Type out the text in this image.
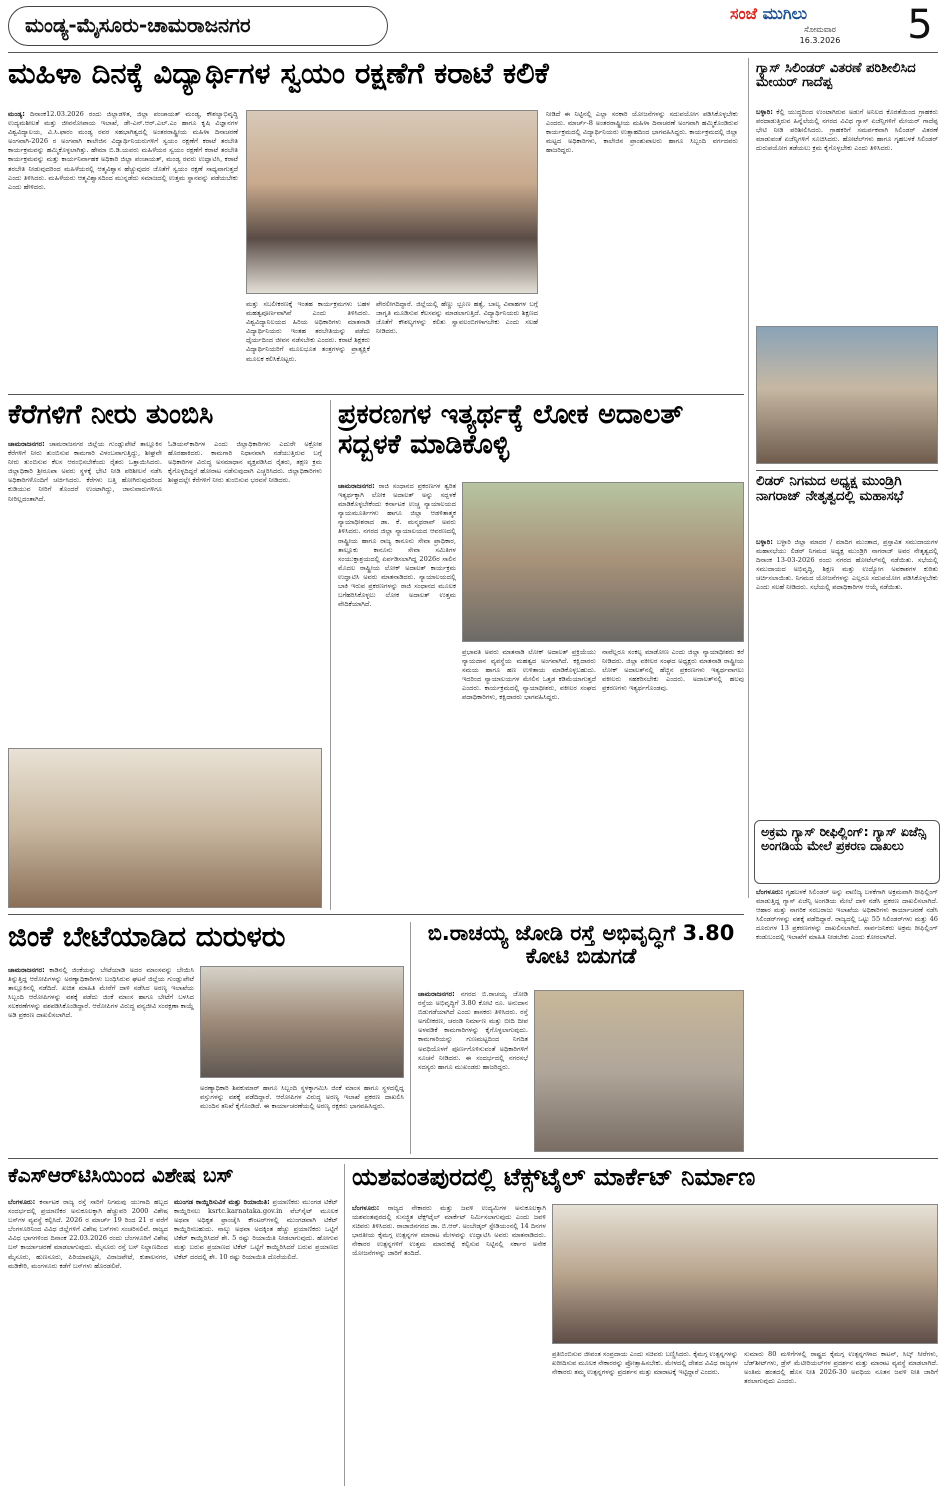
ಮಂಡ್ಯ-ಮೈಸೂರು-ಚಾಮರಾಜನಗರ	ಸಂಜೆ ಮುಗಿಲು
ಸೋಮವಾರ
16.3.2026	5
ಮಹಿಳಾ ದಿನಕ್ಕೆ ವಿದ್ಯಾರ್ಥಿಗಳ ಸ್ವಯಂ ರಕ್ಷಣೆಗೆ ಕರಾಟೆ ಕಲಿಕೆ
ಮಂಡ್ಯ: ದಿನಾಂಕ12.03.2026 ರಂದು ಜಿಲ್ಲಾಡಳಿತ, ಜಿಲ್ಲಾ ಪಂಚಾಯತ್ ಮಂಡ್ಯ, ಕೌಶಲ್ಯಾಭಿವೃದ್ಧಿ ಉದ್ಯಮಶೀಲತೆ ಮತ್ತು ಜೀವನೋಪಾಯ ಇಲಾಖೆ, ಡೇ-ಎನ್.ಆರ್.ಎಲ್.ಎಂ ಹಾಗೂ ಕೃಷಿ ವಿಜ್ಞಾನಗಳ ವಿಶ್ವವಿದ್ಯಾಲಯ, ವಿ.ಸಿ.ಫಾರಂ ಮಂಡ್ಯ ರವರ ಸಹಭಾಗಿತ್ವದಲ್ಲಿ ಅಂತರರಾಷ್ಟ್ರೀಯ ಮಹಿಳಾ ದಿನಾಚರಣೆ ಅಂಗವಾಗಿ-2026 ರ ಅಂಗವಾಗಿ ಕಾಲೇಜಿನ ವಿದ್ಯಾರ್ಥಿನಿಯರುಗಳಿಗೆ ಸ್ವಯಂ ರಕ್ಷಣೆಗೆ ಕರಾಟೆ ತರಬೇತಿ ಕಾರ್ಯಕ್ರಮವನ್ನು ಹಮ್ಮಿಕೊಳ್ಳಲಾಗಿತ್ತು. ಹೇಮಾ ಬಿ.ಡಿ.ಯವರು ಮಹಿಳೆಯರ ಸ್ವಯಂ ರಕ್ಷಣೆಗೆ ಕರಾಟೆ ತರಬೇತಿ ಕಾರ್ಯಕ್ರಮವನ್ನು ಮತ್ತು ಕಾರ್ಯನಿರ್ವಾಹಕ ಅಧಿಕಾರಿ ಜಿಲ್ಲಾ ಪಂಚಾಯತ್, ಮಂಡ್ಯ ರವರು ಉದ್ಘಾಟಿಸಿ, ಕರಾಟೆ ತರಬೇತಿ ನೀಡುವುದರಿಂದ ಮಹಿಳೆಯರಲ್ಲಿ ಆತ್ಮವಿಶ್ವಾಸ ಹೆಚ್ಚುವುದರ ಜೊತೆಗೆ ಸ್ವಯಂ ರಕ್ಷಣೆ ಸಾಧ್ಯವಾಗುತ್ತದೆ ಎಂದು ತಿಳಿಸಿದರು. ಮಹಿಳೆಯರು ಆತ್ಮವಿಶ್ವಾಸದಿಂದ ಮುನ್ನಡೆದು ಸಮಾಜದಲ್ಲಿ ಉತ್ತಮ ಸ್ಥಾನವನ್ನು ಪಡೆಯಬೇಕು ಎಂದು ಹೇಳಿದರು.
ಮತ್ತು ಸಬಲೀಕರಣಕ್ಕೆ ಇಂತಹ ಕಾರ್ಯಕ್ರಮಗಳು ಬಹಳ ಮಹತ್ವಪೂರ್ಣವಾಗಿವೆ ಎಂದು ತಿಳಿಸಿದರು. ವಿಶ್ವವಿದ್ಯಾನಿಲಯದ ಹಿರಿಯ ಅಧಿಕಾರಿಗಳು ಮಾತನಾಡಿ ವಿದ್ಯಾರ್ಥಿನಿಯರು ಇಂತಹ ತರಬೇತಿಯನ್ನು ಪಡೆದು ಧೈರ್ಯದಿಂದ ಜೀವನ ನಡೆಸಬೇಕು ಎಂದರು. ಕರಾಟೆ ಶಿಕ್ಷಕರು ವಿದ್ಯಾರ್ಥಿನಿಯರಿಗೆ ಮೂಲಭೂತ ತಂತ್ರಗಳನ್ನು ಪ್ರಾತ್ಯಕ್ಷಿಕೆ ಮೂಲಕ ಕಲಿಸಿಕೊಟ್ಟರು.
ಪೇರಲೀಗದಿದ್ದಾರೆ. ಜಿಲ್ಲೆಯಲ್ಲಿ ಹೆಣ್ಣು ಭ್ರೂಣ ಹತ್ಯೆ, ಬಾಲ್ಯ ವಿವಾಹಗಳ ಬಗ್ಗೆ ಜಾಗೃತಿ ಮೂಡಿಸುವ ಕೆಲಸವನ್ನು ಮಾಡಲಾಗುತ್ತಿದೆ. ವಿದ್ಯಾರ್ಥಿನಿಯರು ಶಿಕ್ಷಣದ ಜೊತೆಗೆ ಕೌಶಲ್ಯಗಳನ್ನು ಕಲಿತು ಸ್ವಾವಲಂಬಿಗಳಾಗಬೇಕು ಎಂದು ಸಲಹೆ ನೀಡಿದರು.
ನೀಡಿದೆ ಈ ನಿಟ್ಟಿನಲ್ಲಿ ಎಲ್ಲಾ ಸರಕಾರಿ ಯೋಜನೆಗಳನ್ನು ಸದುಪಯೋಗ ಪಡಿಸಿಕೊಳ್ಳಬೇಕು ಎಂದರು. ಮಾರ್ಚ್-8 ಅಂತರರಾಷ್ಟ್ರೀಯ ಮಹಿಳಾ ದಿನಾಚರಣೆ ಅಂಗವಾಗಿ ಹಮ್ಮಿಕೊಂಡಿರುವ ಕಾರ್ಯಕ್ರಮದಲ್ಲಿ ವಿದ್ಯಾರ್ಥಿನಿಯರು ಉತ್ಸಾಹದಿಂದ ಭಾಗವಹಿಸಿದ್ದರು. ಕಾರ್ಯಕ್ರಮದಲ್ಲಿ ಜಿಲ್ಲಾ ಮಟ್ಟದ ಅಧಿಕಾರಿಗಳು, ಕಾಲೇಜಿನ ಪ್ರಾಂಶುಪಾಲರು ಹಾಗೂ ಸಿಬ್ಬಂದಿ ವರ್ಗದವರು ಹಾಜರಿದ್ದರು.
ಗ್ಯಾಸ್ ಸಿಲಿಂಡರ್ ವಿತರಣೆ ಪರಿಶೀಲಿಸಿದ ಮೇಯರ್ ಗಾದೆಪ್ಪ
ಬಳ್ಳಾರಿ: ಕೆಲ್ಲಿ ಯುದ್ಧದಿಂದ ಉಂಟಾಗಿರುವ ಅಡುಗೆ ಅನಿಲದ ಕೊರತೆಯಿಂದ ಗ್ರಾಹಕರು ಪರದಾಡುತ್ತಿರುವ ಹಿನ್ನೆಲೆಯಲ್ಲಿ ನಗರದ ವಿವಿಧ ಗ್ಯಾಸ್ ಏಜೆನ್ಸಿಗಳಿಗೆ ಮೇಯರ್ ಗಾದೆಪ್ಪ ಭೇಟಿ ನೀಡಿ ಪರಿಶೀಲಿಸಿದರು. ಗ್ರಾಹಕರಿಗೆ ಸಮರ್ಪಕವಾಗಿ ಸಿಲಿಂಡರ್ ವಿತರಣೆ ಮಾಡುವಂತೆ ಏಜೆನ್ಸಿಗಳಿಗೆ ಸೂಚಿಸಿದರು. ಹೋಟೆಲ್‌ಗಳು ಹಾಗೂ ಗೃಹಬಳಕೆ ಸಿಲಿಂಡರ್ ದುರುಪಯೋಗ ತಡೆಯಲು ಕ್ರಮ ಕೈಗೊಳ್ಳಬೇಕು ಎಂದು ತಿಳಿಸಿದರು.
ಲಿಡರ್ ನಿಗಮದ ಅಧ್ಯಕ್ಷ ಮುಂಡ್ರಿಗಿ ನಾಗರಾಜ್ ನೇತೃತ್ವದಲ್ಲಿ ಮಹಾಸಭೆ
ಬಳ್ಳಾರಿ: ಬಳ್ಳಾರಿ ಜಿಲ್ಲಾ ಮಾದರ / ಮಾದಿಗ ಮುಂತಾದ, ಪ್ರಸ್ತಾವಿತ ಸಮುದಾಯಗಳ ಮಹಾಸಭೆಯು ಲಿಡರ್ ನಿಗಮದ ಅಧ್ಯಕ್ಷ ಮುಂಡ್ರಿಗಿ ನಾಗರಾಜ್ ಅವರ ನೇತೃತ್ವದಲ್ಲಿ ದಿನಾಂಕ 13-03-2026 ರಂದು ನಗರದ ಹೋಟೆಲ್‌ನಲ್ಲಿ ನಡೆಯಿತು. ಸಭೆಯಲ್ಲಿ ಸಮುದಾಯದ ಅಭಿವೃದ್ಧಿ, ಶಿಕ್ಷಣ ಮತ್ತು ಉದ್ಯೋಗ ಅವಕಾಶಗಳ ಕುರಿತು ಚರ್ಚಿಸಲಾಯಿತು. ನಿಗಮದ ಯೋಜನೆಗಳನ್ನು ಎಲ್ಲರೂ ಸದುಪಯೋಗ ಪಡಿಸಿಕೊಳ್ಳಬೇಕು ಎಂದು ಸಲಹೆ ನೀಡಿದರು. ಸಭೆಯಲ್ಲಿ ಪದಾಧಿಕಾರಿಗಳ ಆಯ್ಕೆ ನಡೆಯಿತು.
ಅಕ್ರಮ ಗ್ಯಾಸ್ ರೀಫಿಲ್ಲಿಂಗ್: ಗ್ಯಾಸ್ ಏಜೆನ್ಸಿ ಅಂಗಡಿಯ ಮೇಲೆ ಪ್ರಕರಣ ದಾಖಲು
ಬೆಂಗಳೂರು: ಗೃಹಬಳಕೆ ಸಿಲಿಂಡರ್ ಅನ್ನು ವಾಣಿಜ್ಯ ಬಳಕೆಗಾಗಿ ಅಕ್ರಮವಾಗಿ ರೀಫಿಲ್ಲಿಂಗ್ ಮಾಡುತ್ತಿದ್ದ ಗ್ಯಾಸ್ ಏಜೆನ್ಸಿ ಅಂಗಡಿಯ ಮೇಲೆ ದಾಳಿ ನಡೆಸಿ ಪ್ರಕರಣ ದಾಖಲಿಸಲಾಗಿದೆ. ಆಹಾರ ಮತ್ತು ನಾಗರಿಕ ಸರಬರಾಜು ಇಲಾಖೆಯ ಅಧಿಕಾರಿಗಳು ಕಾರ್ಯಾಚರಣೆ ನಡೆಸಿ ಸಿಲಿಂಡರ್‌ಗಳನ್ನು ವಶಕ್ಕೆ ಪಡೆದಿದ್ದಾರೆ. ರಾಜ್ಯದಲ್ಲಿ ಒಟ್ಟು 55 ಸಿಲಿಂಡರ್‌ಗಳು ಮತ್ತು 46 ದೂರುಗಳ 13 ಪ್ರಕರಣಗಳನ್ನು ದಾಖಲಿಸಲಾಗಿದೆ. ಸಾರ್ವಜನಿಕರು ಅಕ್ರಮ ರೀಫಿಲ್ಲಿಂಗ್ ಕಂಡುಬಂದಲ್ಲಿ ಇಲಾಖೆಗೆ ಮಾಹಿತಿ ನೀಡಬೇಕು ಎಂದು ಕೋರಲಾಗಿದೆ.
ಕೆರೆಗಳಿಗೆ ನೀರು ತುಂಬಿಸಿ
ಚಾಮರಾಜನಗರ: ಚಾಮರಾಜನಗರ ಜಿಲ್ಲೆಯ ಗುಂಡ್ಲುಪೇಟೆ ತಾಲ್ಲೂಕಿನ ಕೆರೆಗಳಿಗೆ ನೀರು ತುಂಬಿಸುವ ಕಾಮಗಾರಿ ವಿಳಂಬವಾಗುತ್ತಿದ್ದು, ಶೀಘ್ರವೇ ನೀರು ತುಂಬಿಸುವ ಕೆಲಸ ಆರಂಭಿಸಬೇಕೆಂದು ರೈತರು ಒತ್ತಾಯಿಸಿದರು. ಜಿಲ್ಲಾಧಿಕಾರಿ ಶ್ರೀರೂಪಾ ಅವರು ಸ್ಥಳಕ್ಕೆ ಭೇಟಿ ನೀಡಿ ಪರಿಶೀಲನೆ ನಡೆಸಿ ಅಧಿಕಾರಿಗಳೊಂದಿಗೆ ಚರ್ಚಿಸಿದರು. ಕೆರೆಗಳು ಬತ್ತಿ ಹೋಗಿರುವುದರಿಂದ ಕುಡಿಯುವ ನೀರಿಗೆ ತೊಂದರೆ ಉಂಟಾಗಿದ್ದು, ಜಾನುವಾರುಗಳಿಗೂ ನೀರಿಲ್ಲದಂತಾಗಿದೆ.
ಓಡಿಯನ್‌ಕಾರಿಗಳ ಎಂದು ಜಿಲ್ಲಾಧಿಕಾರಿಗಳು ಎದುರೇ ಅಕ್ರೋಶ ಹೊರಹಾಕಿದರು. ಕಾಮಗಾರಿ ನಿಧಾನವಾಗಿ ನಡೆಯುತ್ತಿರುವ ಬಗ್ಗೆ ಅಧಿಕಾರಿಗಳ ವಿರುದ್ಧ ಅಸಮಾಧಾನ ವ್ಯಕ್ತಪಡಿಸಿದ ರೈತರು, ತಕ್ಷಣ ಕ್ರಮ ಕೈಗೊಳ್ಳದಿದ್ದರೆ ಹೋರಾಟ ನಡೆಸುವುದಾಗಿ ಎಚ್ಚರಿಸಿದರು. ಜಿಲ್ಲಾಧಿಕಾರಿಗಳು ಶೀಘ್ರದಲ್ಲೇ ಕೆರೆಗಳಿಗೆ ನೀರು ತುಂಬಿಸುವ ಭರವಸೆ ನೀಡಿದರು.
ಪ್ರಕರಣಗಳ ಇತ್ಯರ್ಥಕ್ಕೆ ಲೋಕ ಅದಾಲತ್ ಸದ್ಬಳಕೆ ಮಾಡಿಕೊಳ್ಳಿ
ಚಾಮರಾಜನಗರ: ರಾಜಿ ಸಂಧಾನದ ಪ್ರಕರಣಗಳ ತ್ವರಿತ ಇತ್ಯರ್ಥಕ್ಕಾಗಿ ಲೋಕ ಅದಾಲತ್ ಅನ್ನು ಸದ್ಬಳಕೆ ಮಾಡಿಕೊಳ್ಳಬೇಕೆಂದು ಕರ್ನಾಟಕ ಉಚ್ಚ ನ್ಯಾಯಾಲಯದ ನ್ಯಾಯಮೂರ್ತಿಗಳು ಹಾಗೂ ಜಿಲ್ಲಾ ಆಡಳಿತಾತ್ಮಕ ನ್ಯಾಯಾಧೀಶರಾದ ಡಾ. ಕೆ. ಮನ್ಮಥರಾವ್ ಅವರು ತಿಳಿಸಿದರು. ನಗರದ ಜಿಲ್ಲಾ ನ್ಯಾಯಾಲಯದ ಆವರಣದಲ್ಲಿ ರಾಷ್ಟ್ರೀಯ ಹಾಗೂ ರಾಜ್ಯ ಕಾನೂನು ಸೇವಾ ಪ್ರಾಧಿಕಾರ, ತಾಲ್ಲೂಕು ಕಾನೂನು ಸೇವಾ ಸಮಿತಿಗಳ ಸಂಯುಕ್ತಾಶ್ರಯದಲ್ಲಿ ಏರ್ಪಡಿಸಲಾಗಿದ್ದ 2026ರ ಸಾಲಿನ ಮೊದಲ ರಾಷ್ಟ್ರೀಯ ಲೋಕ್ ಅದಾಲತ್ ಕಾರ್ಯಕ್ರಮ ಉದ್ಘಾಟಿಸಿ ಅವರು ಮಾತನಾಡಿದರು. ನ್ಯಾಯಾಲಯದಲ್ಲಿ ಬಾಕಿ ಇರುವ ಪ್ರಕರಣಗಳನ್ನು ರಾಜಿ ಸಂಧಾನದ ಮೂಲಕ ಬಗೆಹರಿಸಿಕೊಳ್ಳಲು ಲೋಕ ಅದಾಲತ್ ಉತ್ತಮ ವೇದಿಕೆಯಾಗಿದೆ.
ಪ್ರಭಾವತಿ ಅವರು ಮಾತನಾಡಿ ಲೋಕ್ ಅದಾಲತ್ ಪ್ರಕ್ರಿಯೆಯು ನ್ಯಾಯದಾನ ವ್ಯವಸ್ಥೆಯ ಮಹತ್ವದ ಅಂಗವಾಗಿದೆ. ಕಕ್ಷಿದಾರರು ಸಮಯ ಹಾಗೂ ಹಣ ಉಳಿತಾಯ ಮಾಡಿಕೊಳ್ಳಬಹುದು. ಇದರಿಂದ ನ್ಯಾಯಾಲಯಗಳ ಮೇಲಿನ ಒತ್ತಡ ಕಡಿಮೆಯಾಗುತ್ತದೆ ಎಂದರು. ಕಾರ್ಯಕ್ರಮದಲ್ಲಿ ನ್ಯಾಯಾಧೀಶರು, ವಕೀಲರ ಸಂಘದ ಪದಾಧಿಕಾರಿಗಳು, ಕಕ್ಷಿದಾರರು ಭಾಗವಹಿಸಿದ್ದರು.
ನಾವೆಲ್ಲರೂ ಸಂಕಲ್ಪ ಮಾಡೋಣ ಎಂದು ಜಿಲ್ಲಾ ನ್ಯಾಯಾಧೀಶರು ಕರೆ ನೀಡಿದರು. ಜಿಲ್ಲಾ ವಕೀಲರ ಸಂಘದ ಅಧ್ಯಕ್ಷರು ಮಾತನಾಡಿ ರಾಷ್ಟ್ರೀಯ ಲೋಕ್ ಅದಾಲತ್‌ನಲ್ಲಿ ಹೆಚ್ಚಿನ ಪ್ರಕರಣಗಳು ಇತ್ಯರ್ಥವಾಗಲು ವಕೀಲರು ಸಹಕರಿಸಬೇಕು ಎಂದರು. ಅದಾಲತ್‌ನಲ್ಲಿ ಹಲವು ಪ್ರಕರಣಗಳು ಇತ್ಯರ್ಥಗೊಂಡವು.
ಜಿಂಕೆ ಬೇಟೆಯಾಡಿದ ದುರುಳರು
ಚಾಮರಾಜನಗರ: ಕಾಡಿನಲ್ಲಿ ಜಿಂಕೆಯನ್ನು ಬೇಟೆಯಾಡಿ ಅದರ ಮಾಂಸವನ್ನು ಬೇಯಿಸಿ ತಿನ್ನುತ್ತಿದ್ದ ಆರೋಪಿಗಳನ್ನು ಅರಣ್ಯಾಧಿಕಾರಿಗಳು ಬಂಧಿಸಿರುವ ಘಟನೆ ಜಿಲ್ಲೆಯ ಗುಂಡ್ಲುಪೇಟೆ ತಾಲ್ಲೂಕಿನಲ್ಲಿ ನಡೆದಿದೆ. ಖಚಿತ ಮಾಹಿತಿ ಮೇರೆಗೆ ದಾಳಿ ನಡೆಸಿದ ಅರಣ್ಯ ಇಲಾಖೆಯ ಸಿಬ್ಬಂದಿ ಆರೋಪಿಗಳನ್ನು ವಶಕ್ಕೆ ಪಡೆದು ಜಿಂಕೆ ಮಾಂಸ ಹಾಗೂ ಬೇಟೆಗೆ ಬಳಸಿದ ಸಲಕರಣೆಗಳನ್ನು ವಶಪಡಿಸಿಕೊಂಡಿದ್ದಾರೆ. ಆರೋಪಿಗಳ ವಿರುದ್ಧ ವನ್ಯಜೀವಿ ಸಂರಕ್ಷಣಾ ಕಾಯ್ದೆ ಅಡಿ ಪ್ರಕರಣ ದಾಖಲಿಸಲಾಗಿದೆ.
ಅರಣ್ಯಾಧಿಕಾರಿ ಶಿವಕುಮಾರ್ ಹಾಗೂ ಸಿಬ್ಬಂದಿ ಸ್ಥಳಕ್ಕಾಗಮಿಸಿ ಜಿಂಕೆ ಮಾಂಸ ಹಾಗೂ ಸ್ಥಳದಲ್ಲಿದ್ದ ವಸ್ತುಗಳನ್ನು ವಶಕ್ಕೆ ಪಡೆದಿದ್ದಾರೆ. ಆರೋಪಿಗಳ ವಿರುದ್ಧ ಅರಣ್ಯ ಇಲಾಖೆ ಪ್ರಕರಣ ದಾಖಲಿಸಿ ಮುಂದಿನ ತನಿಖೆ ಕೈಗೊಂಡಿದೆ. ಈ ಕಾರ್ಯಾಚರಣೆಯಲ್ಲಿ ಅರಣ್ಯ ರಕ್ಷಕರು ಭಾಗವಹಿಸಿದ್ದರು.
ಬಿ.ರಾಚಯ್ಯ ಜೋಡಿ ರಸ್ತೆ ಅಭಿವೃದ್ಧಿಗೆ 3.80 ಕೋಟಿ ಬಿಡುಗಡೆ
ಚಾಮರಾಜನಗರ: ನಗರದ ಬಿ.ರಾಚಯ್ಯ ಜೋಡಿ ರಸ್ತೆಯ ಅಭಿವೃದ್ಧಿಗೆ 3.80 ಕೋಟಿ ರೂ. ಅನುದಾನ ಬಿಡುಗಡೆಯಾಗಿದೆ ಎಂದು ಶಾಸಕರು ತಿಳಿಸಿದರು. ರಸ್ತೆ ಅಗಲೀಕರಣ, ಚರಂಡಿ ನಿರ್ಮಾಣ ಮತ್ತು ಬೀದಿ ದೀಪ ಅಳವಡಿಕೆ ಕಾಮಗಾರಿಗಳನ್ನು ಕೈಗೊಳ್ಳಲಾಗುವುದು. ಕಾಮಗಾರಿಯನ್ನು ಗುಣಮಟ್ಟದಿಂದ ನಿಗದಿತ ಅವಧಿಯೊಳಗೆ ಪೂರ್ಣಗೊಳಿಸುವಂತೆ ಅಧಿಕಾರಿಗಳಿಗೆ ಸೂಚನೆ ನೀಡಿದರು. ಈ ಸಂದರ್ಭದಲ್ಲಿ ನಗರಸಭೆ ಸದಸ್ಯರು ಹಾಗೂ ಮುಖಂಡರು ಹಾಜರಿದ್ದರು.
ಕೆಎಸ್‌ಆರ್‌ಟಿಸಿಯಿಂದ ವಿಶೇಷ ಬಸ್
ಬೆಂಗಳೂರು: ಕರ್ನಾಟಕ ರಾಜ್ಯ ರಸ್ತೆ ಸಾರಿಗೆ ನಿಗಮವು ಯುಗಾದಿ ಹಬ್ಬದ ಸಂದರ್ಭದಲ್ಲಿ ಪ್ರಯಾಣಿಕರ ಅನುಕೂಲಕ್ಕಾಗಿ ಹೆಚ್ಚುವರಿ 2000 ವಿಶೇಷ ಬಸ್‌ಗಳ ವ್ಯವಸ್ಥೆ ಕಲ್ಪಿಸಿದೆ. 2026 ರ ಮಾರ್ಚ್ 19 ರಿಂದ 21 ರ ವರೆಗೆ ಬೆಂಗಳೂರಿನಿಂದ ವಿವಿಧ ಜಿಲ್ಲೆಗಳಿಗೆ ವಿಶೇಷ ಬಸ್‌ಗಳು ಸಂಚರಿಸಲಿವೆ. ರಾಜ್ಯದ ವಿವಿಧ ಭಾಗಗಳಿಂದ ದಿನಾಂಕ 22.03.2026 ರಂದು ಬೆಂಗಳೂರಿಗೆ ವಿಶೇಷ ಬಸ್ ಕಾರ್ಯಾಚರಣೆ ಮಾಡಲಾಗುವುದು. ಮೈಸೂರು ರಸ್ತೆ ಬಸ್ ನಿಲ್ದಾಣದಿಂದ ಮೈಸೂರು, ಹುಣಸೂರು, ಪಿರಿಯಾಪಟ್ಟಣ, ವಿರಾಜಪೇಟೆ, ಕುಶಾಲನಗರ, ಮಡಿಕೇರಿ, ಮಂಗಳೂರು ಕಡೆಗೆ ಬಸ್‌ಗಳು ಹೊರಡಲಿವೆ.
ಮುಂಗಡ ಕಾಯ್ದಿರಿಸುವಿಕೆ ಮತ್ತು ರಿಯಾಯಿತಿ: ಪ್ರಯಾಣಿಕರು ಮುಂಗಡ ಟಿಕೆಟ್ ಕಾಯ್ದಿರಿಸಲು ksrtc.karnataka.gov.in ವೆಬ್‌ಸೈಟ್ ಮೂಲಕ ಅಥವಾ ಅಧಿಕೃತ ಫ್ರಾಂಚೈಸಿ ಕೌಂಟರ್‌ಗಳಲ್ಲಿ ಮುಂಗಡವಾಗಿ ಟಿಕೆಟ್ ಕಾಯ್ದಿರಿಸಬಹುದು. ನಾಲ್ಕು ಅಥವಾ ಅದಕ್ಕಿಂತ ಹೆಚ್ಚು ಪ್ರಯಾಣಿಕರು ಒಟ್ಟಿಗೆ ಟಿಕೆಟ್ ಕಾಯ್ದಿರಿಸಿದರೆ ಶೇ. 5 ರಷ್ಟು ರಿಯಾಯಿತಿ ನೀಡಲಾಗುವುದು. ಹೋಗುವ ಮತ್ತು ಬರುವ ಪ್ರಯಾಣದ ಟಿಕೆಟ್ ಒಟ್ಟಿಗೆ ಕಾಯ್ದಿರಿಸಿದರೆ ಬರುವ ಪ್ರಯಾಣದ ಟಿಕೆಟ್ ದರದಲ್ಲಿ ಶೇ. 10 ರಷ್ಟು ರಿಯಾಯಿತಿ ದೊರೆಯಲಿದೆ.
ಯಶವಂತಪುರದಲ್ಲಿ ಟೆಕ್ಸ್‌ಟೈಲ್ ಮಾರ್ಕೆಟ್ ನಿರ್ಮಾಣ
ಬೆಂಗಳೂರು: ರಾಜ್ಯದ ನೇಕಾರರು ಮತ್ತು ಜವಳಿ ಉದ್ಯಮಿಗಳ ಅನುಕೂಲಕ್ಕಾಗಿ ಯಶವಂತಪುರದಲ್ಲಿ ಸುಸಜ್ಜಿತ ಟೆಕ್ಸ್‌ಟೈಲ್ ಮಾರ್ಕೆಟ್ ನಿರ್ಮಿಸಲಾಗುವುದು ಎಂದು ಜವಳಿ ಸಚಿವರು ತಿಳಿಸಿದರು. ರಾಜಾಜಿನಗರದ ಡಾ. ಬಿ.ಆರ್. ಅಂಬೇಡ್ಕರ್ ಸ್ಟೇಡಿಯಂನಲ್ಲಿ 14 ದಿನಗಳ ಭಾರತೀಯ ಕೈಮಗ್ಗ ಉತ್ಪನ್ನಗಳ ಮಾರಾಟ ಮೇಳವನ್ನು ಉದ್ಘಾಟಿಸಿ ಅವರು ಮಾತನಾಡಿದರು. ನೇಕಾರರ ಉತ್ಪನ್ನಗಳಿಗೆ ಉತ್ತಮ ಮಾರುಕಟ್ಟೆ ಕಲ್ಪಿಸುವ ನಿಟ್ಟಿನಲ್ಲಿ ಸರ್ಕಾರ ಅನೇಕ ಯೋಜನೆಗಳನ್ನು ಜಾರಿಗೆ ತಂದಿದೆ.
ಪ್ರತಿಬಿಂಬಿಸುವ ಜೀವಂತ ಸಂಪ್ರದಾಯ ಎಂದು ಸಚಿವರು ಬಣ್ಣಿಸಿದರು. ಕೈಮಗ್ಗ ಉತ್ಪನ್ನಗಳನ್ನು ಖರೀದಿಸುವ ಮೂಲಕ ನೇಕಾರರನ್ನು ಪ್ರೋತ್ಸಾಹಿಸಬೇಕು. ಮೇಳದಲ್ಲಿ ದೇಶದ ವಿವಿಧ ರಾಜ್ಯಗಳ ನೇಕಾರರು ತಮ್ಮ ಉತ್ಪನ್ನಗಳನ್ನು ಪ್ರದರ್ಶನ ಮತ್ತು ಮಾರಾಟಕ್ಕೆ ಇಟ್ಟಿದ್ದಾರೆ ಎಂದರು.
ಸುಮಾರು 80 ಮಳಿಗೆಗಳಲ್ಲಿ ರಾಷ್ಟ್ರದ ಕೈಮಗ್ಗ ಉತ್ಪನ್ನಗಳಾದ ಕಾಟನ್, ಸಿಲ್ಕ್ ಸೀರೆಗಳು, ಬೆಡ್‌ಶೀಟ್‌ಗಳು, ಡ್ರೆಸ್ ಮೆಟೀರಿಯಲ್‌ಗಳ ಪ್ರದರ್ಶನ ಮತ್ತು ಮಾರಾಟ ವ್ಯವಸ್ಥೆ ಮಾಡಲಾಗಿದೆ. ಅಂತಿಮ ಹಂತದಲ್ಲಿ ಹೊಸ ನೀತಿ 2026-30 ಅವಧಿಯ ನೂತನ ಜವಳಿ ನೀತಿ ಜಾರಿಗೆ ತರಲಾಗುವುದು ಎಂದರು.
